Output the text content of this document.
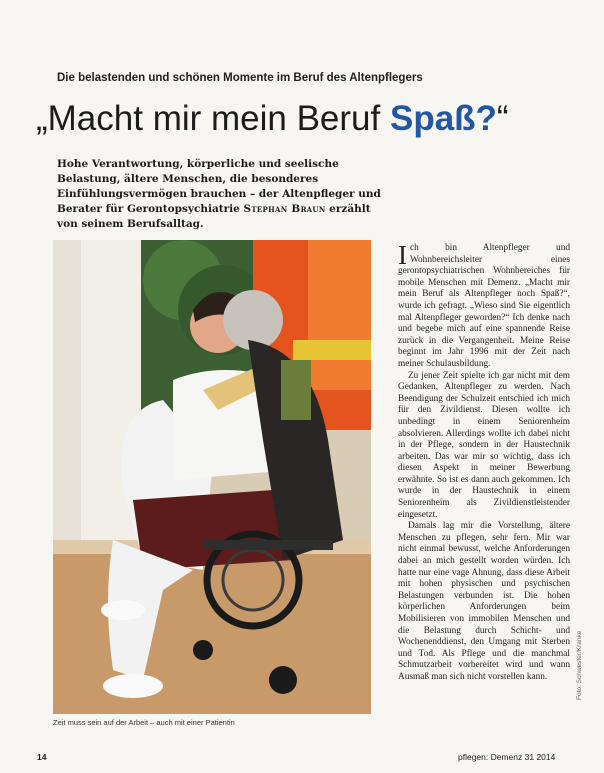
Die belastenden und schönen Momente im Beruf des Altenpflegers
„Macht mir mein Beruf Spaß?“
Hohe Verantwortung, körperliche und seelische Belastung, ältere Menschen, die besonderes Einfühlungsvermögen brauchen – der Altenpfleger und Berater für Gerontopsychiatrie Stephan Braun erzählt von seinem Berufsalltag.
Zeit muss sein auf der Arbeit – auch mit einer Patientin

Ich bin Altenpfleger und Wohnbereichsleiter eines gerontopsychiatrischen Wohnbereiches für mobile Menschen mit Demenz. „Macht mir mein Beruf als Altenpfleger noch Spaß?“, wurde ich gefragt. „Wieso sind Sie eigentlich mal Altenpfleger geworden?“ Ich denke nach und begebe mich auf eine spannende Reise zurück in die Vergangenheit. Meine Reise beginnt im Jahr 1996 mit der Zeit nach meiner Schulausbildung.

Zu jener Zeit spielte ich gar nicht mit dem Gedanken, Altenpfleger zu werden. Nach Beendigung der Schulzeit entschied ich mich für den Zivildienst. Diesen wollte ich unbedingt in einem Seniorenheim absolvieren. Allerdings wollte ich dabei nicht in der Pflege, sondern in der Haustechnik arbeiten. Das war mir so wichtig, dass ich diesen Aspekt in meiner Bewerbung erwähnte. So ist es dann auch gekommen. Ich wurde in der Haustechnik in einem Seniorenheim als Zivildienstleistender eingesetzt.

Damals lag mir die Vorstellung, ältere Menschen zu pflegen, sehr fern. Mir war nicht einmal bewusst, welche Anforderungen dabei an mich gestellt worden würden. Ich hatte nur eine vage Ahnung, dass diese Arbeit mit hohen physischen und psychischen Belastungen verbunden ist. Die hohen körperlichen Anforderungen beim Mobilisieren von immobilen Menschen und die Belastung durch Schicht- und Wochenenddienst, den Umgang mit Sterben und Tod. Als Pflege und die manchmal Schmutzarbeit vorbereitet wird und wann Ausmaß man sich nicht vorstellen kann.	Foto: Schwester/Kranke
14	pflegen: Demenz 31 2014
